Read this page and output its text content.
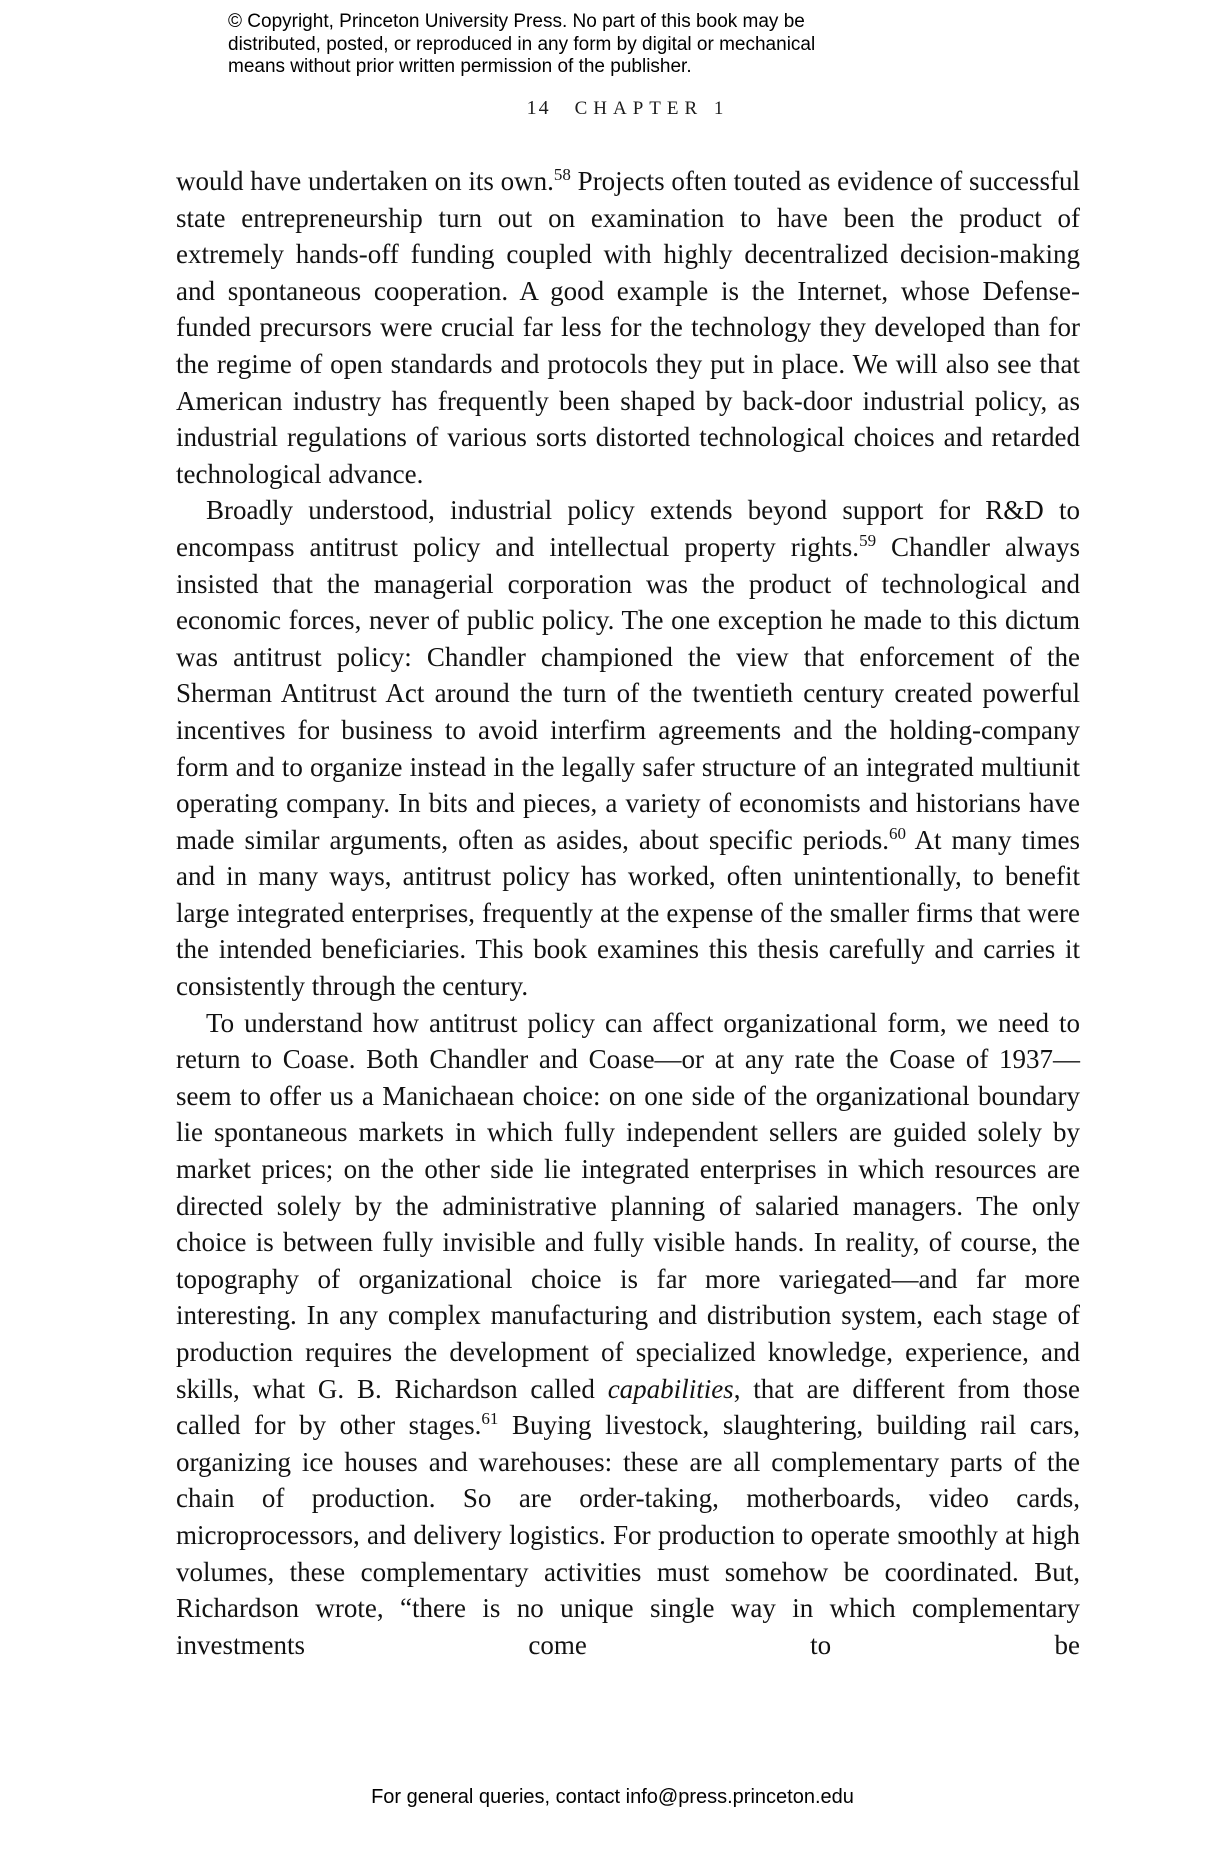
© Copyright, Princeton University Press. No part of this book may be
distributed, posted, or reproduced in any form by digital or mechanical
means without prior written permission of the publisher.
14 CHAPTER 1

would have undertaken on its own.$^{58}$ Projects often touted as evidence of successful state entrepreneurship turn out on examination to have been the product of extremely hands-off funding coupled with highly decentralized decision-making and spontaneous cooperation. A good example is the Internet, whose Defense-funded precursors were crucial far less for the technology they developed than for the regime of open standards and protocols they put in place. We will also see that American industry has frequently been shaped by back-door industrial policy, as industrial regulations of various sorts distorted technological choices and retarded technological advance.

Broadly understood, industrial policy extends beyond support for R&D to encompass antitrust policy and intellectual property rights.$^{59}$ Chandler always insisted that the managerial corporation was the product of technological and economic forces, never of public policy. The one exception he made to this dictum was antitrust policy: Chandler championed the view that enforcement of the Sherman Antitrust Act around the turn of the twentieth century created powerful incentives for business to avoid interfirm agreements and the holding-company form and to organize instead in the legally safer structure of an integrated multiunit operating company. In bits and pieces, a variety of economists and historians have made similar arguments, often as asides, about specific periods.$^{60}$ At many times and in many ways, antitrust policy has worked, often unintentionally, to benefit large integrated enterprises, frequently at the expense of the smaller firms that were the intended beneficiaries. This book examines this thesis carefully and carries it consistently through the century.

To understand how antitrust policy can affect organizational form, we need to return to Coase. Both Chandler and Coase—or at any rate the Coase of 1937—seem to offer us a Manichaean choice: on one side of the organizational boundary lie spontaneous markets in which fully independent sellers are guided solely by market prices; on the other side lie integrated enterprises in which resources are directed solely by the administrative planning of salaried managers. The only choice is between fully invisible and fully visible hands. In reality, of course, the topography of organizational choice is far more variegated—and far more interesting. In any complex manufacturing and distribution system, each stage of production requires the development of specialized knowledge, experience, and skills, what G. B. Richardson called capabilities, that are different from those called for by other stages.$^{61}$ Buying livestock, slaughtering, building rail cars, organizing ice houses and warehouses: these are all complementary parts of the chain of production. So are order-taking, motherboards, video cards, microprocessors, and delivery logistics. For production to operate smoothly at high volumes, these complementary activities must somehow be coordinated. But, Richardson wrote, “there is no unique single way in which complementary investments come to be

For general queries, contact info@press.princeton.edu
